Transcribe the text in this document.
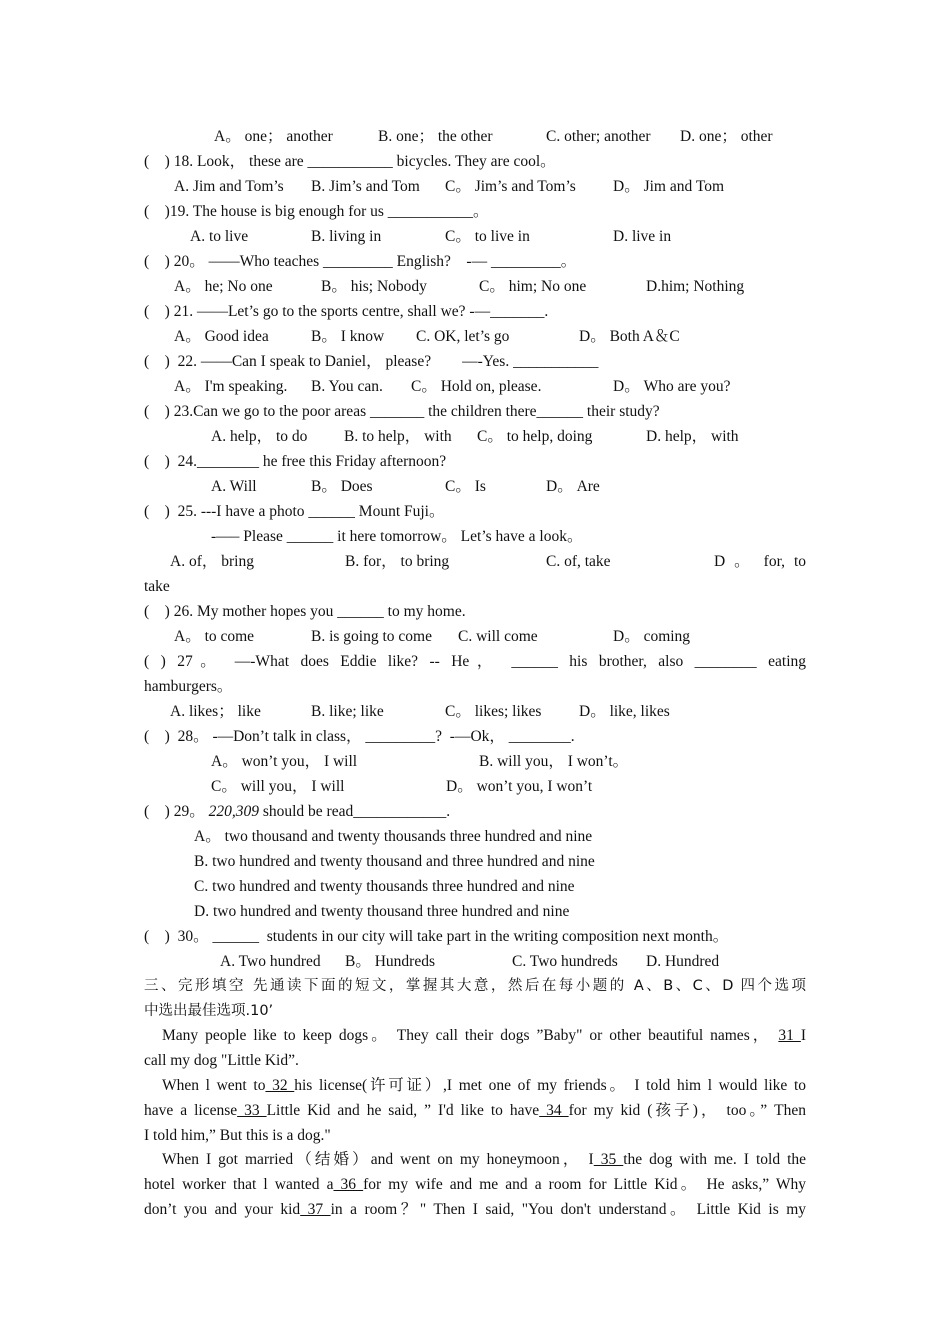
A。 one； another	B. one； the other	C. other; another	D. one； other
(    ) 18. Look， these are ___________ bicycles. They are cool。
A. Jim and Tom’s	B. Jim’s and Tom	C。 Jim’s and Tom’s	D。 Jim and Tom
(    )19. The house is big enough for us ___________。
A. to live	B. living in	C。 to live in	D. live in
(    ) 20。 ——Who teaches _________ English?    -— _________。
A。 he; No one	B。 his; Nobody	C。 him; No one	D.him; Nothing
(    ) 21. ——Let’s go to the sports centre, shall we? -—_______.
A。 Good idea	B。 I know	C. OK, let’s go	D。 Both A＆C
(    )  22. ——Can I speak to Daniel， please?        —-Yes. ___________
A。 I'm speaking.	B. You can.	C。 Hold on, please.	D。 Who are you?
(    ) 23.Can we go to the poor areas _______ the children there______ their study?
A. help， to do	B. to help， with	C。 to help, doing	D. help， with
(    )  24.________ he free this Friday afternoon?
A. Will	B。 Does	C。 Is	D。 Are
(    )  25. ---I have a photo ______ Mount Fuji。
-—– Please ______ it here tomorrow。 Let’s have a look。
A. of， bring	B. for， to bring	C. of, take	D 。 for, to
take
(    ) 26. My mother hopes you ______ to my home.
A。 to come	B. is going to come	C. will come	D。 coming
( ) 27。 —-What does Eddie like? -- He， ______ his brother, also ________ eating
hamburgers。
A. likes； like	B. like; like	C。 likes; likes	D。 like, likes
(    )  28。 -—Don’t talk in class， _________?  -—Ok， ________.
A。 won’t you， I will	B. will you， I won’t。
C。 will you， I will	D。 won’t you, I won’t
(    ) 29。 220,309 should be read____________.
A。 two thousand and twenty thousands three hundred and nine
B. two hundred and twenty thousand and three hundred and nine
C. two hundred and twenty thousands three hundred and nine
D. two hundred and twenty thousand three hundred and nine
(    )  30。 ______  students in our city will take part in the writing composition next month。
A. Two hundred	B。 Hundreds	C. Two hundreds	D. Hundred
三、完形填空 先通读下面的短文，掌握其大意，然后在每小题的 A、B、C、D 四个选项
中选出最佳选项.10’
Many people like to keep dogs。 They call their dogs ”Baby" or other beautiful names， 31 I
call my dog "Little Kid”.
When l went to 32 his license(许可证）,I met one of my friends。 I told him l would like to
have a license 33 Little Kid and he said, ” I'd like to have 34 for my kid (孩子)， too。” Then
I told him,” But this is a dog."
When I got married（结婚）and went on my honeymoon， I 35 the dog with me. I told the
hotel worker that l wanted a 36 for my wife and me and a room for Little Kid。 He asks,” Why
don’t you and your kid 37 in a room？" Then I said, "You don't understand。 Little Kid is my
